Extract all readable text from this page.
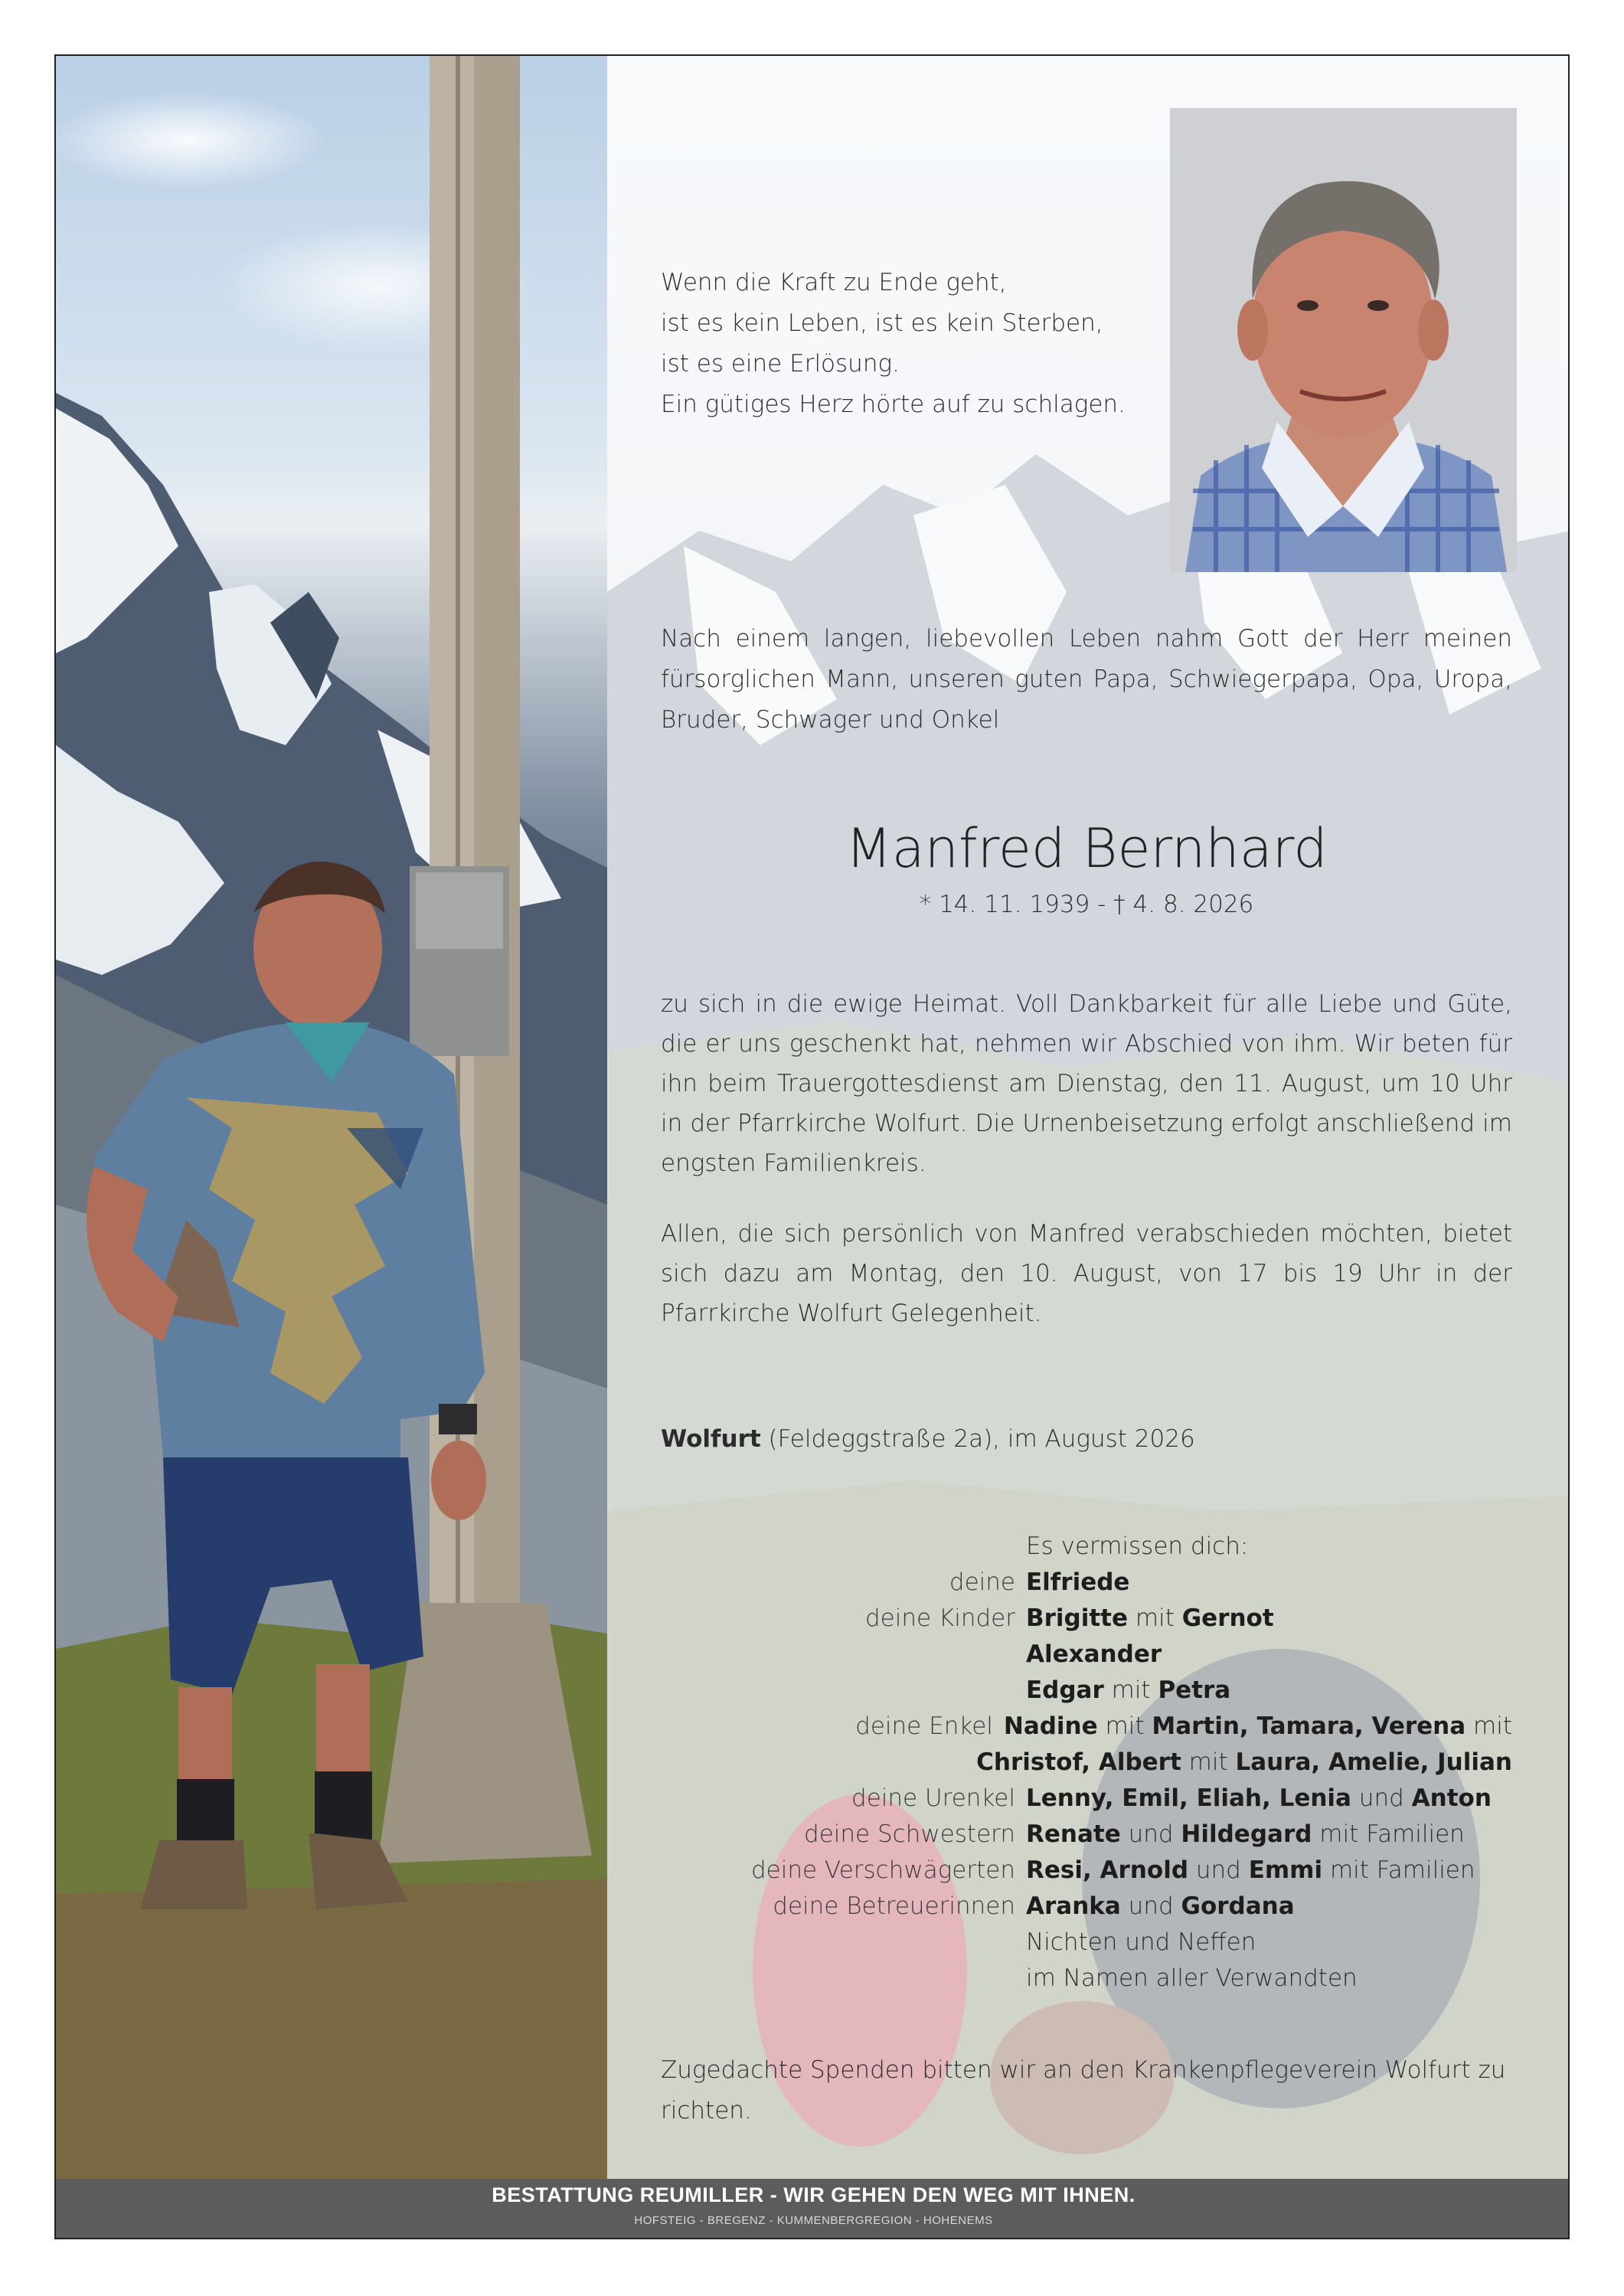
Wenn die Kraft zu Ende geht,
ist es kein Leben, ist es kein Sterben,
ist es eine Erlösung.
Ein gütiges Herz hörte auf zu schlagen.
Nach einem langen, liebevollen Leben nahm Gott der Herr meinen fürsorglichen Mann, unseren guten Papa, Schwiegerpapa, Opa, Uropa, Bruder, Schwager und Onkel
Manfred Bernhard
* 14. 11. 1939 - † 4. 8. 2026
zu sich in die ewige Heimat. Voll Dankbarkeit für alle Liebe und Güte, die er uns geschenkt hat, nehmen wir Abschied von ihm. Wir beten für ihn beim Trauergottesdienst am Dienstag, den 11. August, um 10 Uhr in der Pfarrkirche Wolfurt. Die Urnenbeisetzung erfolgt anschließend im engsten Familienkreis.
Allen, die sich persönlich von Manfred verabschieden möchten, bietet sich dazu am Montag, den 10. August, von 17 bis 19 Uhr in der Pfarrkirche Wolfurt Gelegenheit.
Wolfurt (Feldeggstraße 2a), im August 2026
Es vermissen dich:
deine Elfriede
deine Kinder Brigitte mit Gernot
Alexander
Edgar mit Petra
deine Enkel Nadine mit Martin, Tamara, Verena mit
Christof, Albert mit Laura, Amelie, Julian
deine Urenkel Lenny, Emil, Eliah, Lenia und Anton
deine Schwestern Renate und Hildegard mit Familien
deine Verschwägerten Resi, Arnold und Emmi mit Familien
deine Betreuerinnen Aranka und Gordana
Nichten und Neffen
im Namen aller Verwandten
Zugedachte Spenden bitten wir an den Krankenpflegeverein Wolfurt zu richten.
BESTATTUNG REUMILLER - WIR GEHEN DEN WEG MIT IHNEN.
HOFSTEIG - BREGENZ - KUMMENBERGREGION - HOHENEMS
